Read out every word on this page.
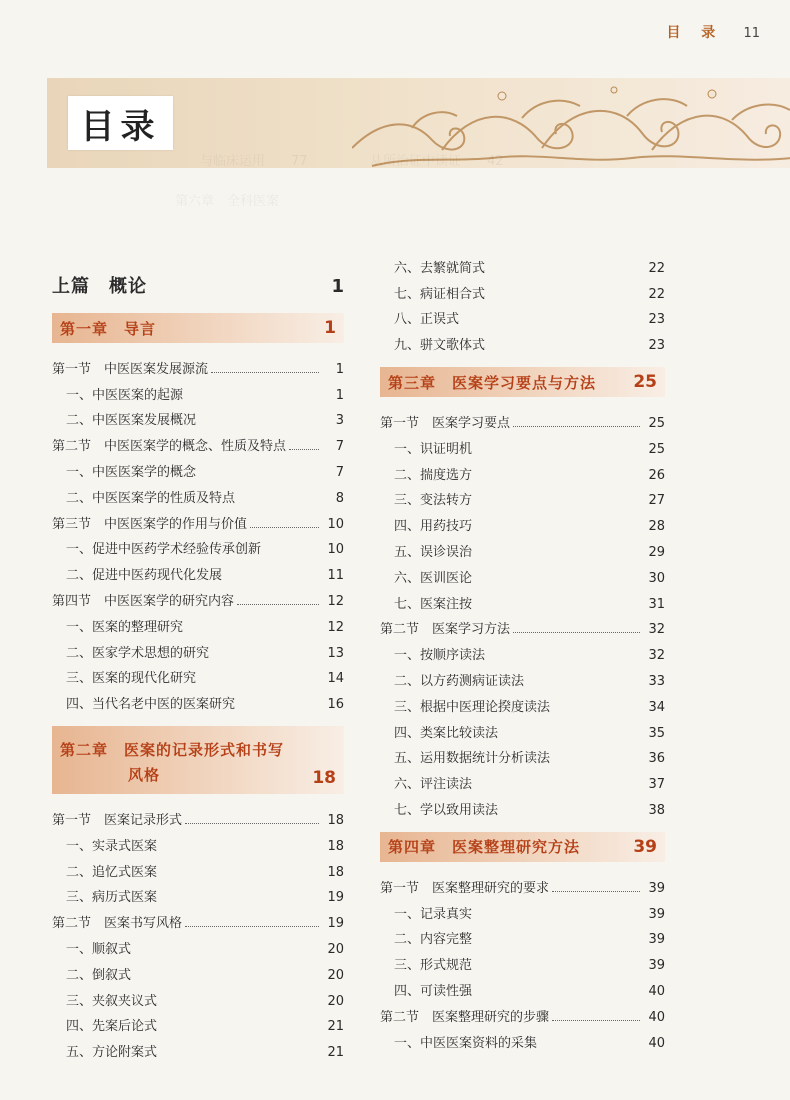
目 录 11
目录
与临床运用　　77	从所治证中读证　　42
第六章　全科医案
上篇　概论	1
第一章　导言	1
第一节　中医医案发展源流	1
一、中医医案的起源	1
二、中医医案发展概况	3
第二节　中医医案学的概念、性质及特点	7
一、中医医案学的概念	7
二、中医医案学的性质及特点	8
第三节　中医医案学的作用与价值	10
一、促进中医药学术经验传承创新	10
二、促进中医药现代化发展	11
第四节　中医医案学的研究内容	12
一、医案的整理研究	12
二、医家学术思想的研究	13
三、医案的现代化研究	14
四、当代名老中医的医案研究	16
第二章　医案的记录形式和书写
风格	18
第一节　医案记录形式	18
一、实录式医案	18
二、追忆式医案	18
三、病历式医案	19
第二节　医案书写风格	19
一、顺叙式	20
二、倒叙式	20
三、夹叙夹议式	20
四、先案后论式	21
五、方论附案式	21
六、去繁就简式	22
七、病证相合式	22
八、正误式	23
九、骈文歌体式	23
第三章　医案学习要点与方法 25
第一节　医案学习要点	25
一、识证明机	25
二、揣度选方	26
三、变法转方	27
四、用药技巧	28
五、误诊误治	29
六、医训医论	30
七、医案注按	31
第二节　医案学习方法	32
一、按顺序读法	32
二、以方药测病证读法	33
三、根据中医理论揆度读法	34
四、类案比较读法	35
五、运用数据统计分析读法	36
六、评注读法	37
七、学以致用读法	38
第四章　医案整理研究方法	39
第一节　医案整理研究的要求	39
一、记录真实	39
二、内容完整	39
三、形式规范	39
四、可读性强	40
第二节　医案整理研究的步骤	40
一、中医医案资料的采集	40
